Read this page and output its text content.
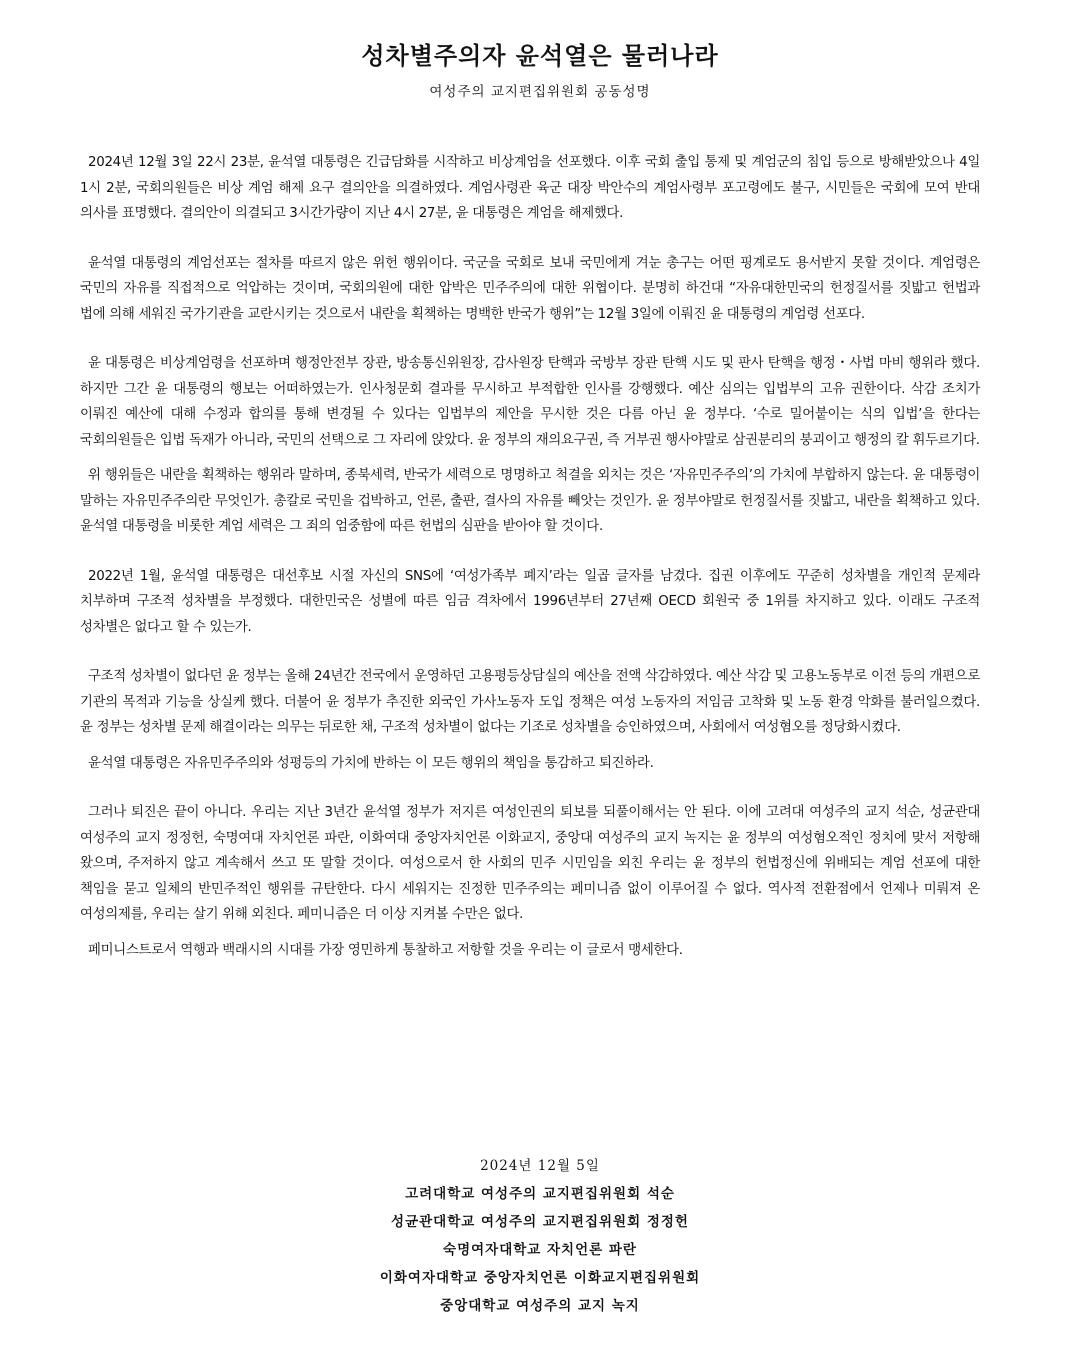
성차별주의자 윤석열은 물러나라
여성주의 교지편집위원회 공동성명

2024년 12월 3일 22시 23분, 윤석열 대통령은 긴급담화를 시작하고 비상계엄을 선포했다. 이후 국회 출입 통제 및 계엄군의 침입 등으로 방해받았으나 4일 1시 2분, 국회의원들은 비상 계엄 해제 요구 결의안을 의결하였다. 계엄사령관 육군 대장 박안수의 계엄사령부 포고령에도 불구, 시민들은 국회에 모여 반대 의사를 표명했다. 결의안이 의결되고 3시간가량이 지난 4시 27분, 윤 대통령은 계엄을 해제했다.

윤석열 대통령의 계엄선포는 절차를 따르지 않은 위헌 행위이다. 국군을 국회로 보내 국민에게 겨눈 총구는 어떤 핑계로도 용서받지 못할 것이다. 계엄령은 국민의 자유를 직접적으로 억압하는 것이며, 국회의원에 대한 압박은 민주주의에 대한 위협이다. 분명히 하건대 “자유대한민국의 헌정질서를 짓밟고 헌법과 법에 의해 세워진 국가기관을 교란시키는 것으로서 내란을 획책하는 명백한 반국가 행위”는 12월 3일에 이뤄진 윤 대통령의 계엄령 선포다.

윤 대통령은 비상계엄령을 선포하며 행정안전부 장관, 방송통신위원장, 감사원장 탄핵과 국방부 장관 탄핵 시도 및 판사 탄핵을 행정・사법 마비 행위라 했다. 하지만 그간 윤 대통령의 행보는 어떠하였는가. 인사청문회 결과를 무시하고 부적합한 인사를 강행했다. 예산 심의는 입법부의 고유 권한이다. 삭감 조치가 이뤄진 예산에 대해 수정과 합의를 통해 변경될 수 있다는 입법부의 제안을 무시한 것은 다름 아닌 윤 정부다. ‘수로 밀어붙이는 식의 입법’을 한다는 국회의원들은 입법 독재가 아니라, 국민의 선택으로 그 자리에 앉았다. 윤 정부의 재의요구권, 즉 거부권 행사야말로 삼권분리의 붕괴이고 행정의 칼 휘두르기다.

위 행위들은 내란을 획책하는 행위라 말하며, 종북세력, 반국가 세력으로 명명하고 척결을 외치는 것은 ‘자유민주주의’의 가치에 부합하지 않는다. 윤 대통령이 말하는 자유민주주의란 무엇인가. 총칼로 국민을 겁박하고, 언론, 출판, 결사의 자유를 빼앗는 것인가. 윤 정부야말로 헌정질서를 짓밟고, 내란을 획책하고 있다. 윤석열 대통령을 비롯한 계엄 세력은 그 죄의 엄중함에 따른 헌법의 심판을 받아야 할 것이다.

2022년 1월, 윤석열 대통령은 대선후보 시절 자신의 SNS에 ‘여성가족부 폐지’라는 일곱 글자를 남겼다. 집권 이후에도 꾸준히 성차별을 개인적 문제라 치부하며 구조적 성차별을 부정했다. 대한민국은 성별에 따른 임금 격차에서 1996년부터 27년째 OECD 회원국 중 1위를 차지하고 있다. 이래도 구조적 성차별은 없다고 할 수 있는가.

구조적 성차별이 없다던 윤 정부는 올해 24년간 전국에서 운영하던 고용평등상담실의 예산을 전액 삭감하였다. 예산 삭감 및 고용노동부로 이전 등의 개편으로 기관의 목적과 기능을 상실케 했다. 더불어 윤 정부가 추진한 외국인 가사노동자 도입 정책은 여성 노동자의 저임금 고착화 및 노동 환경 악화를 불러일으켰다. 윤 정부는 성차별 문제 해결이라는 의무는 뒤로한 채, 구조적 성차별이 없다는 기조로 성차별을 승인하였으며, 사회에서 여성혐오를 정당화시켰다.

윤석열 대통령은 자유민주주의와 성평등의 가치에 반하는 이 모든 행위의 책임을 통감하고 퇴진하라.

그러나 퇴진은 끝이 아니다. 우리는 지난 3년간 윤석열 정부가 저지른 여성인권의 퇴보를 되풀이해서는 안 된다. 이에 고려대 여성주의 교지 석순, 성균관대 여성주의 교지 정정헌, 숙명여대 자치언론 파란, 이화여대 중앙자치언론 이화교지, 중앙대 여성주의 교지 녹지는 윤 정부의 여성혐오적인 정치에 맞서 저항해 왔으며, 주저하지 않고 계속해서 쓰고 또 말할 것이다. 여성으로서 한 사회의 민주 시민임을 외친 우리는 윤 정부의 헌법정신에 위배되는 계엄 선포에 대한 책임을 묻고 일체의 반민주적인 행위를 규탄한다. 다시 세워지는 진정한 민주주의는 페미니즘 없이 이루어질 수 없다. 역사적 전환점에서 언제나 미뤄져 온 여성의제를, 우리는 살기 위해 외친다. 페미니즘은 더 이상 지켜볼 수만은 없다.

페미니스트로서 역행과 백래시의 시대를 가장 영민하게 통찰하고 저항할 것을 우리는 이 글로서 맹세한다.

2024년 12월 5일
고려대학교 여성주의 교지편집위원회 석순
성균관대학교 여성주의 교지편집위원회 정정헌
숙명여자대학교 자치언론 파란
이화여자대학교 중앙자치언론 이화교지편집위원회
중앙대학교 여성주의 교지 녹지
